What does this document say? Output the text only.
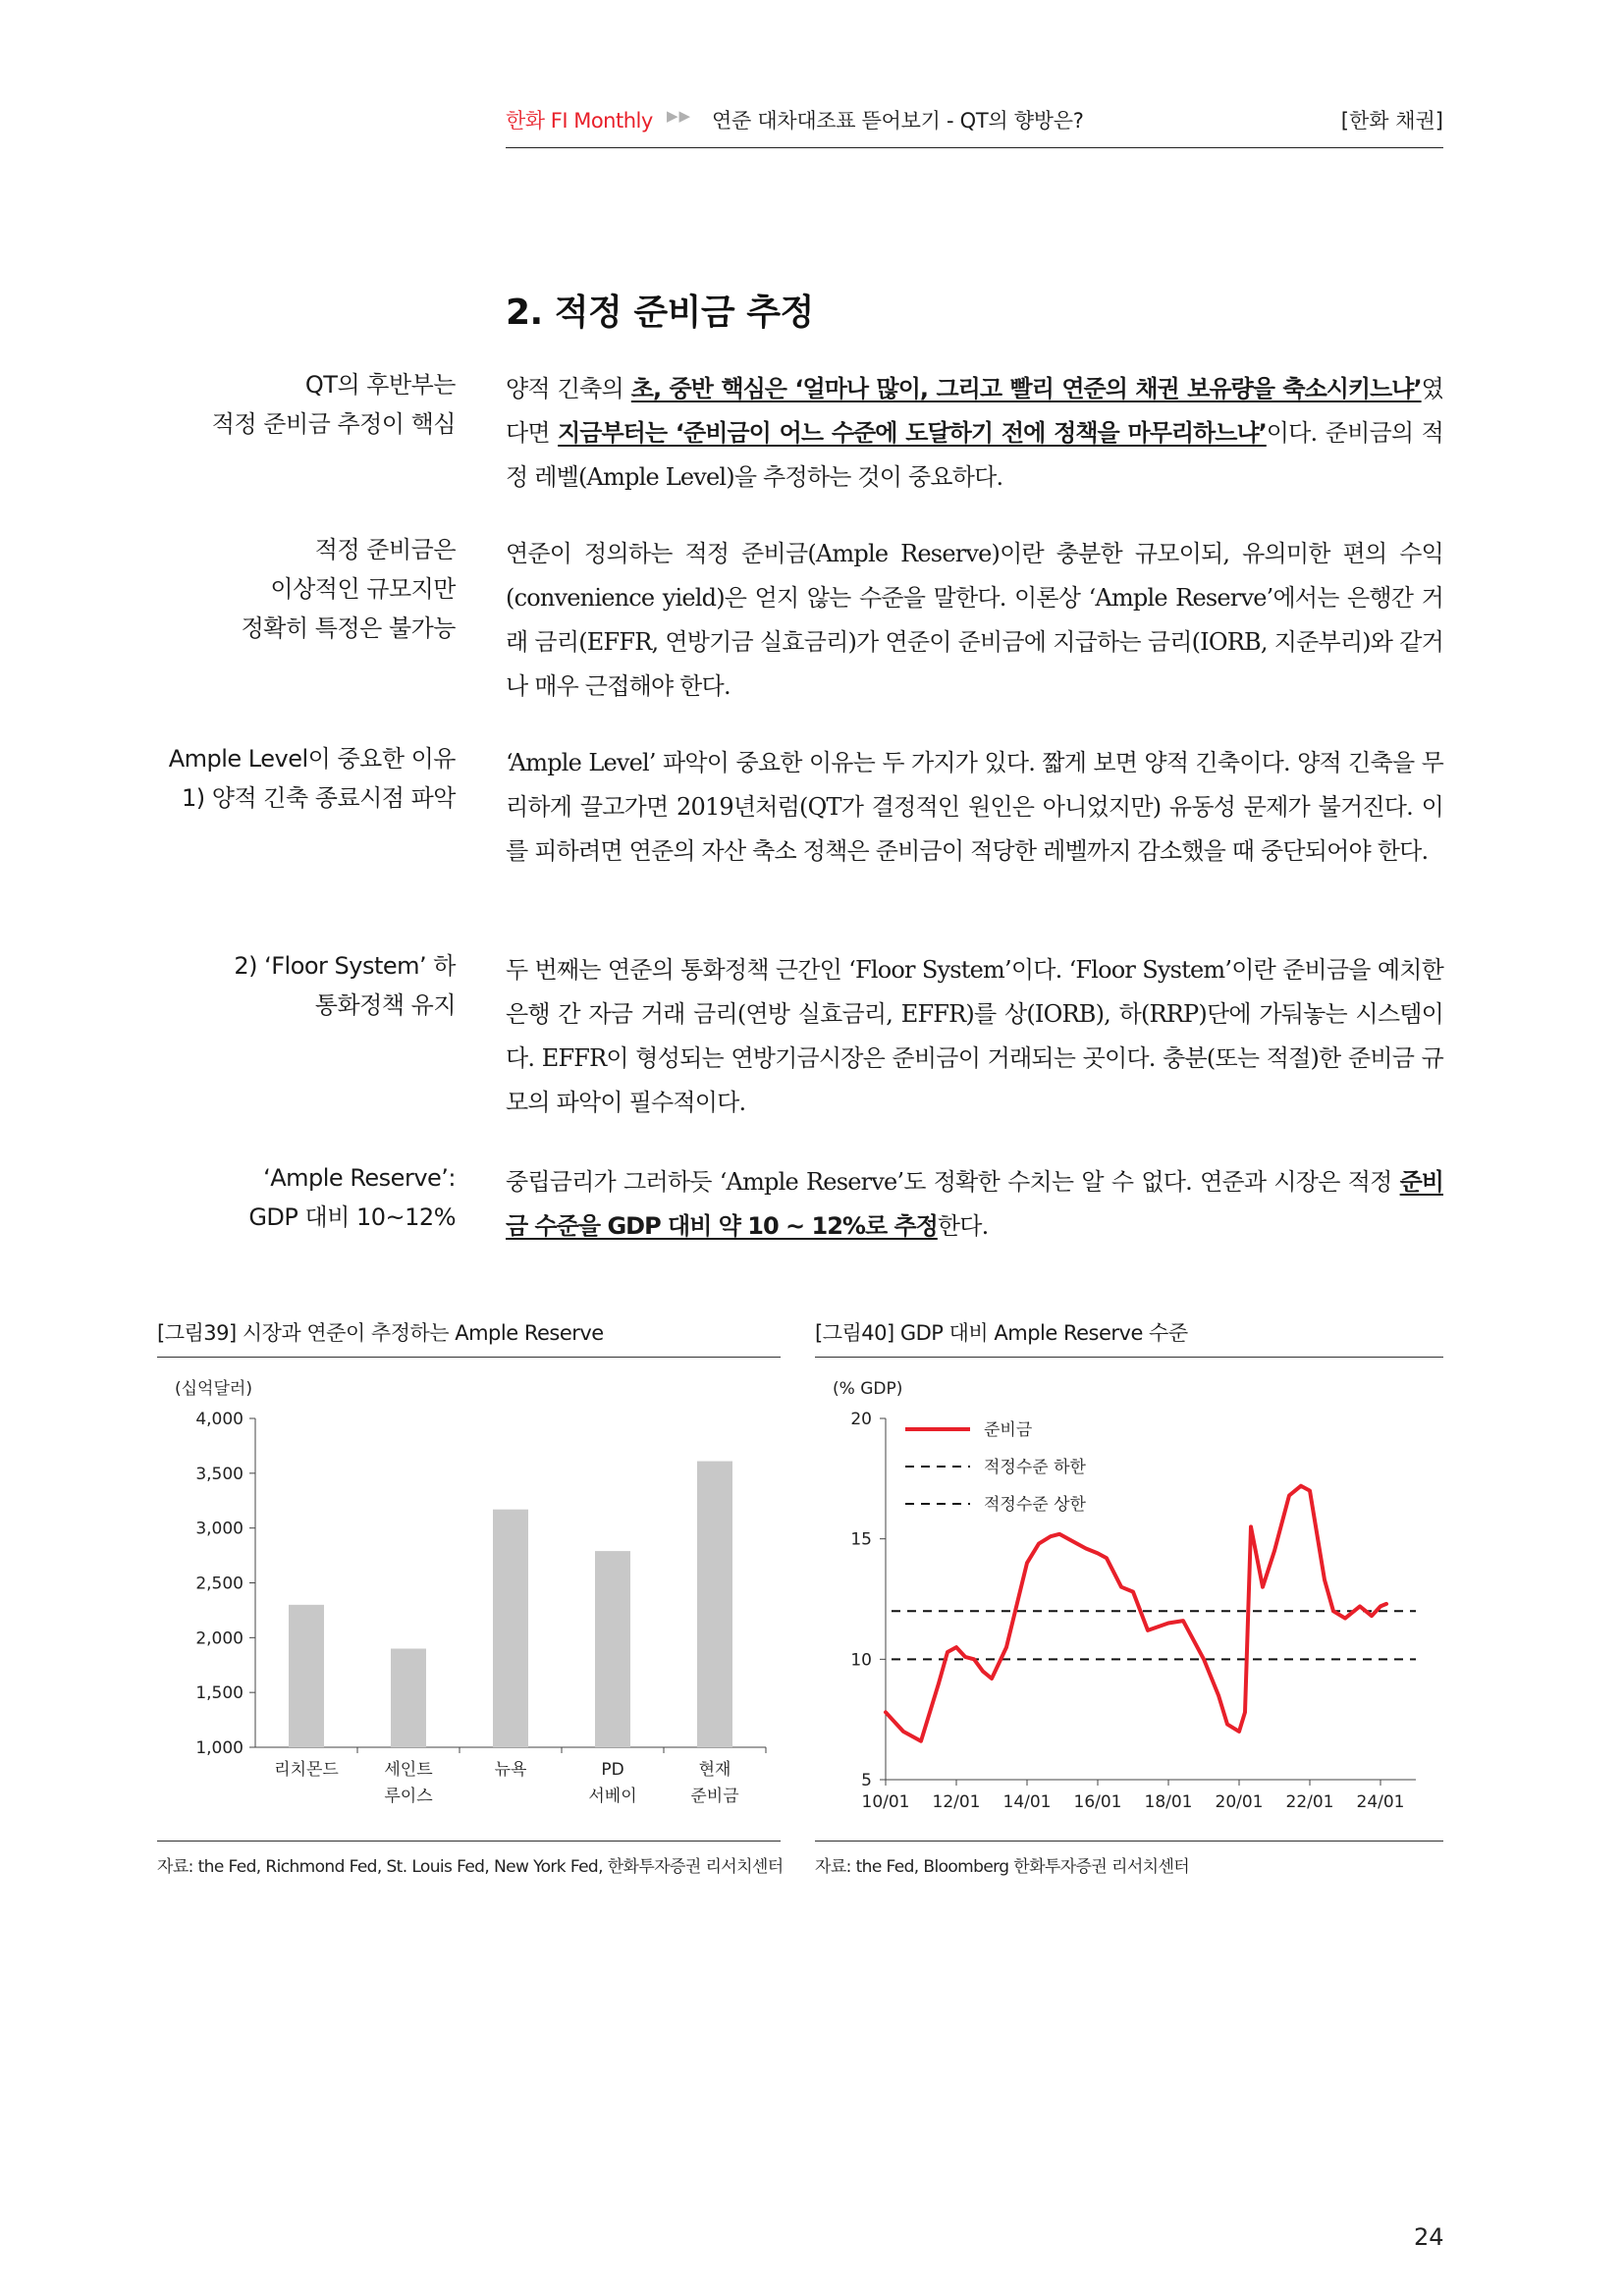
한화 FI Monthly ▶▶ 연준 대차대조표 뜯어보기 - QT의 향방은?	[한화 채권]
2. 적정 준비금 추정
QT의 후반부는
적정 준비금 추정이 핵심
양적 긴축의 초, 중반 핵심은 ‘얼마나 많이, 그리고 빨리 연준의 채권 보유량을 축소시키느냐’였다면 지금부터는 ‘준비금이 어느 수준에 도달하기 전에 정책을 마무리하느냐’이다. 준비금의 적정 레벨(Ample Level)을 추정하는 것이 중요하다.
적정 준비금은
이상적인 규모지만
정확히 특정은 불가능
연준이 정의하는 적정 준비금(Ample Reserve)이란 충분한 규모이되, 유의미한 편의 수익(convenience yield)은 얻지 않는 수준을 말한다. 이론상 ‘Ample Reserve’에서는 은행간 거래 금리(EFFR, 연방기금 실효금리)가 연준이 준비금에 지급하는 금리(IORB, 지준부리)와 같거나 매우 근접해야 한다.
Ample Level이 중요한 이유
1) 양적 긴축 종료시점 파악
‘Ample Level’ 파악이 중요한 이유는 두 가지가 있다. 짧게 보면 양적 긴축이다. 양적 긴축을 무리하게 끌고가면 2019년처럼(QT가 결정적인 원인은 아니었지만) 유동성 문제가 불거진다. 이를 피하려면 연준의 자산 축소 정책은 준비금이 적당한 레벨까지 감소했을 때 중단되어야 한다.
2) ‘Floor System’ 하
통화정책 유지
두 번째는 연준의 통화정책 근간인 ‘Floor System’이다. ‘Floor System’이란 준비금을 예치한 은행 간 자금 거래 금리(연방 실효금리, EFFR)를 상(IORB), 하(RRP)단에 가둬놓는 시스템이다. EFFR이 형성되는 연방기금시장은 준비금이 거래되는 곳이다. 충분(또는 적절)한 준비금 규모의 파악이 필수적이다.
‘Ample Reserve’:
GDP 대비 10~12%
중립금리가 그러하듯 ‘Ample Reserve’도 정확한 수치는 알 수 없다. 연준과 시장은 적정 준비금 수준을 GDP 대비 약 10 ~ 12%로 추정한다.
[그림39] 시장과 연준이 추정하는 Ample Reserve
(십억달러)
1,000
1,500
2,000
2,500
3,000
3,500
4,000
리치몬드	세인트
루이스
뉴욕	PD
서베이
현재
준비금
자료: the Fed, Richmond Fed, St. Louis Fed, New York Fed, 한화투자증권 리서치센터
[그림40] GDP 대비 Ample Reserve 수준
(% GDP)
5
10
15
20
10/01 12/01 14/01 16/01 18/01 20/01 22/01 24/01
준비금
적정수준 하한
적정수준 상한
자료: the Fed, Bloomberg 한화투자증권 리서치센터
24
